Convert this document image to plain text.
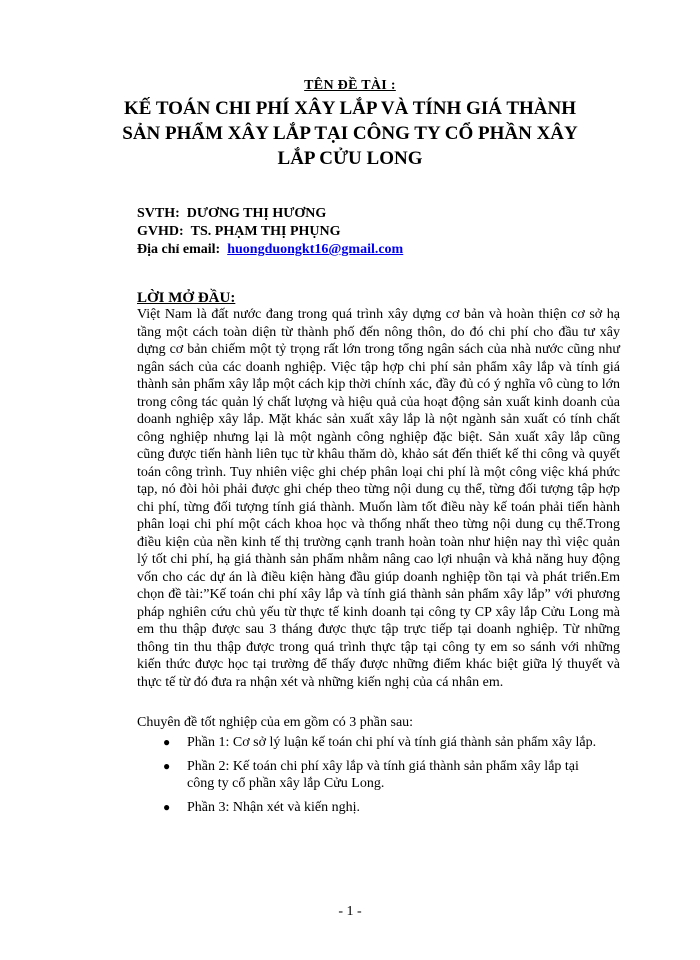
TÊN ĐỀ TÀI :
KẾ TOÁN CHI PHÍ XÂY LẮP VÀ TÍNH GIÁ THÀNH SẢN PHẨM XÂY LẮP TẠI CÔNG TY CỔ PHẦN XÂY LẮP CỬU LONG
SVTH: DƯƠNG THỊ HƯƠNG
GVHD: TS. PHẠM THỊ PHỤNG
Địa chỉ email: huongduongkt16@gmail.com
LỜI MỞ ĐẦU:

Việt Nam là đất nước đang trong quá trình xây dựng cơ bản và hoàn thiện cơ sở hạ tầng một cách toàn diện từ thành phố đến nông thôn, do đó chi phí cho đầu tư xây dựng cơ bản chiếm một tỷ trọng rất lớn trong tổng ngân sách của nhà nước cũng như ngân sách của các doanh nghiệp. Việc tập hợp chi phí sản phẩm xây lắp và tính giá thành sản phẩm xây lắp một cách kịp thời chính xác, đầy đủ có ý nghĩa vô cùng to lớn trong công tác quản lý chất lượng và hiệu quả của hoạt động sản xuất kinh doanh của doanh nghiệp xây lắp. Mặt khác sản xuất xây lắp là nột ngành sản xuất có tính chất công nghiệp nhưng lại là một ngành công nghiệp đặc biệt. Sản xuất xây lắp cũng cũng được tiến hành liên tục từ khâu thăm dò, khảo sát đến thiết kế thi công và quyết toán công trình. Tuy nhiên việc ghi chép phân loại chi phí là một công việc khá phức tạp, nó đòi hỏi phải được ghi chép theo từng nội dung cụ thể, từng đối tượng tập hợp chi phí, từng đối tượng tính giá thành. Muốn làm tốt điều này kế toán phải tiến hành phân loại chi phí một cách khoa học và thống nhất theo từng nội dung cụ thể.Trong điều kiện của nền kinh tế thị trường cạnh tranh hoàn toàn như hiện nay thì việc quản lý tốt chi phí, hạ giá thành sản phẩm nhằm nâng cao lợi nhuận và khả năng huy động vốn cho các dự án là điều kiện hàng đầu giúp doanh nghiệp tồn tại và phát triển.Em chọn đề tài:”Kế toán chi phí xây lắp và tính giá thành sản phẩm xây lắp” với phương pháp nghiên cứu chủ yếu từ thực tế kinh doanh tại công ty CP xây lắp Cửu Long mà em thu thập được sau 3 tháng được thực tập trực tiếp tại doanh nghiệp. Từ những thông tin thu thập được trong quá trình thực tập tại công ty em so sánh với những kiến thức được học tại trường để thấy được những điểm khác biệt giữa lý thuyết và thực tế từ đó đưa ra nhận xét và những kiến nghị của cá nhân em.

Chuyên đề tốt nghiệp của em gồm có 3 phần sau:

● Phần 1: Cơ sở lý luận kế toán chi phí và tính giá thành sản phẩm xây lắp.
● Phần 2: Kế toán chi phí xây lắp và tính giá thành sản phẩm xây lắp tại công ty cổ phần xây lắp Cửu Long.
● Phần 3: Nhận xét và kiến nghị.
- 1 -
